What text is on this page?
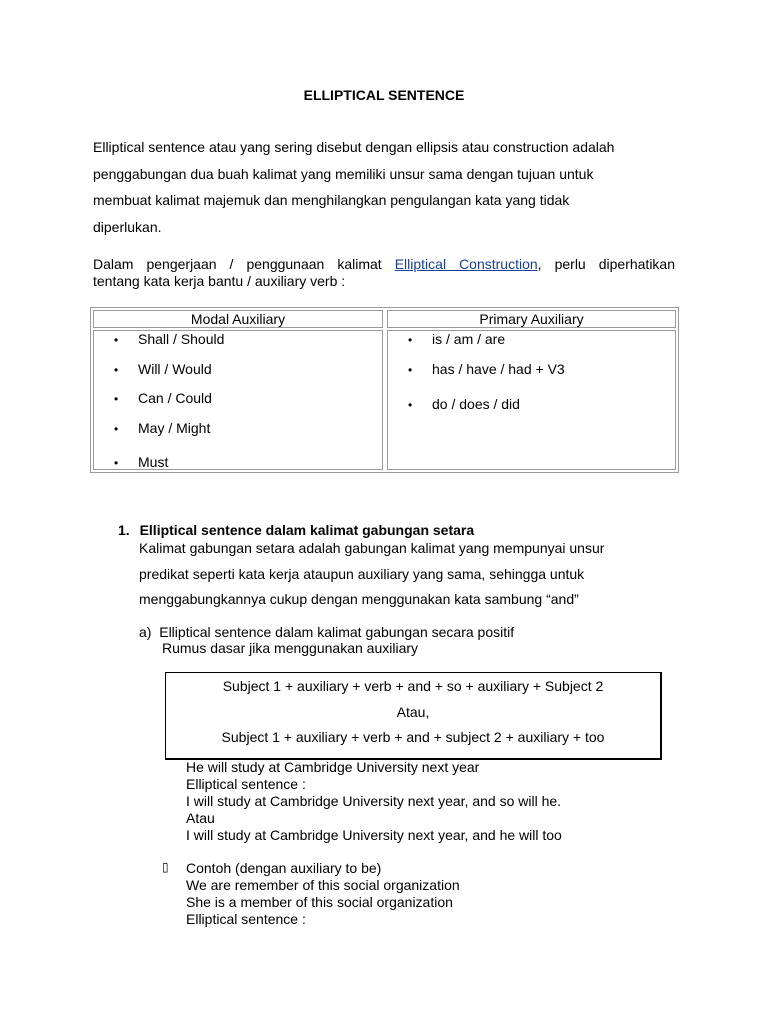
ELLIPTICAL SENTENCE
Elliptical sentence atau yang sering disebut dengan ellipsis atau construction adalah
penggabungan dua buah kalimat yang memiliki unsur sama dengan tujuan untuk
membuat kalimat majemuk dan menghilangkan pengulangan kata yang tidak
diperlukan.
Dalam pengerjaan / penggunaan kalimat Elliptical Construction, perlu diperhatikan
tentang kata kerja bantu / auxiliary verb :
Modal Auxiliary	Primary Auxiliary
• Shall / Should
• Will / Would
• Can / Could
• May / Might
• Must
• is / am / are
• has / have / had + V3
• do / does / did
1. Elliptical sentence dalam kalimat gabungan setara
Kalimat gabungan setara adalah gabungan kalimat yang mempunyai unsur
predikat seperti kata kerja ataupun auxiliary yang sama, sehingga untuk
menggabungkannya cukup dengan menggunakan kata sambung “and”
a) Elliptical sentence dalam kalimat gabungan secara positif
Rumus dasar jika menggunakan auxiliary
Subject 1 + auxiliary + verb + and + so + auxiliary + Subject 2
Atau,
Subject 1 + auxiliary + verb + and + subject 2 + auxiliary + too
He will study at Cambridge University next year
Elliptical sentence :
I will study at Cambridge University next year, and so will he.
Atau
I will study at Cambridge University next year, and he will too
▯ Contoh (dengan auxiliary to be)
We are remember of this social organization
She is a member of this social organization
Elliptical sentence :
